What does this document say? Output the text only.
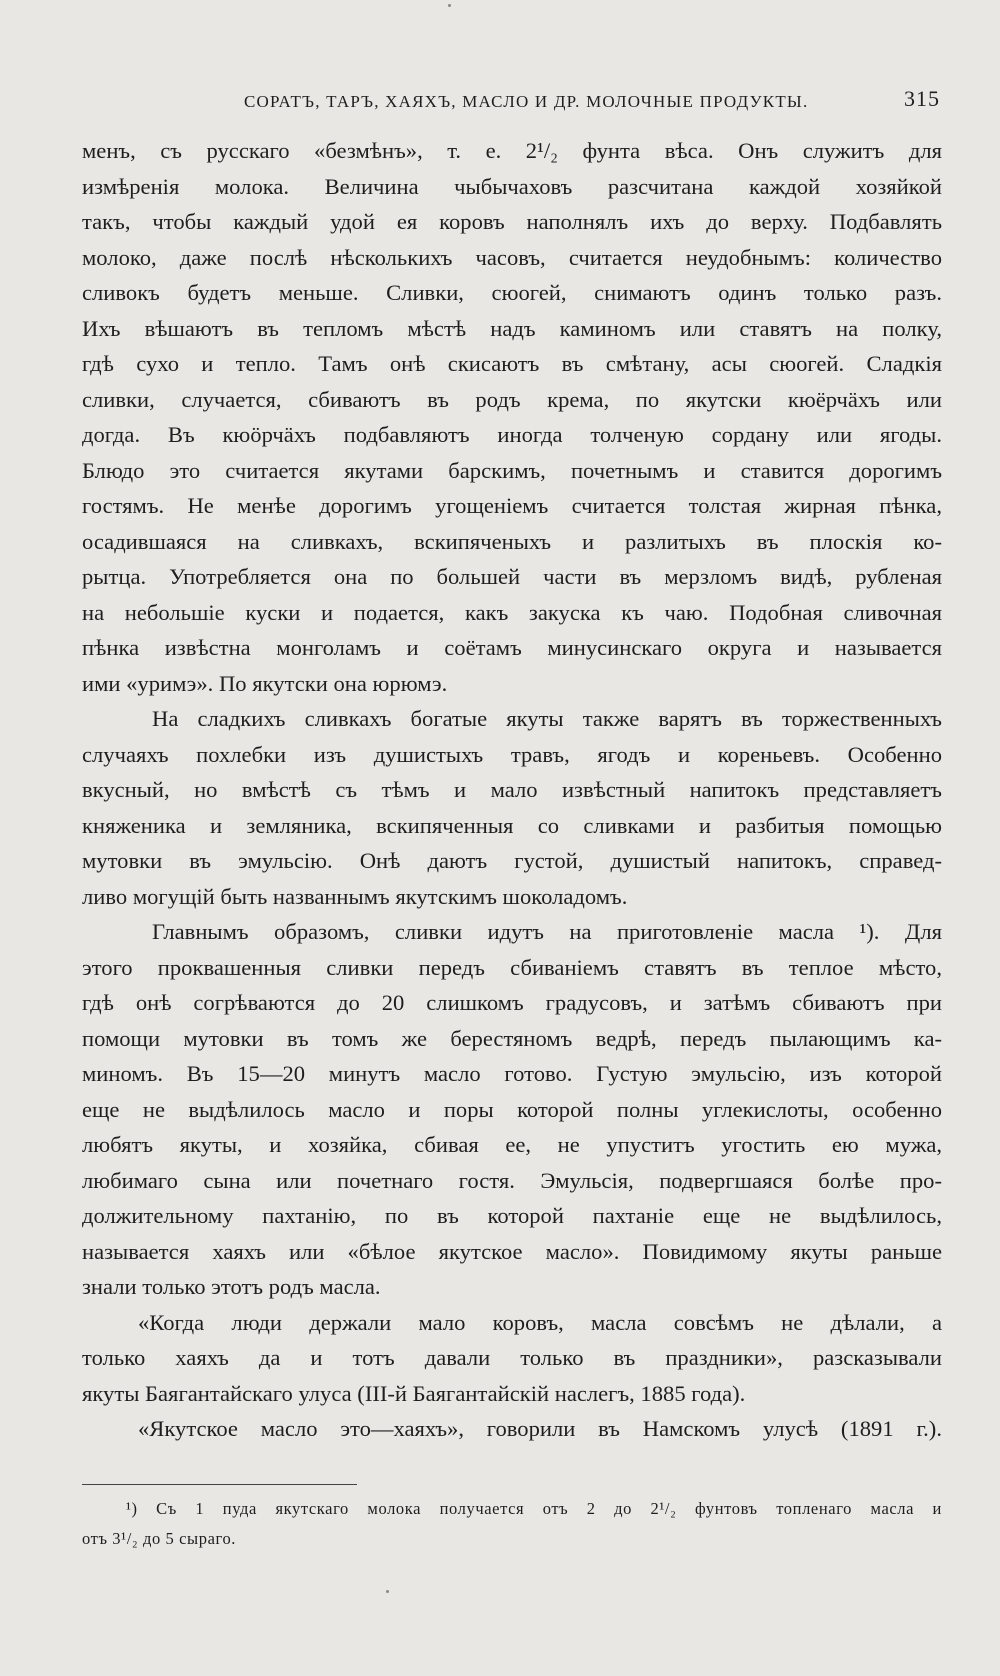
СОРАТЪ, ТАРЪ, ХАЯХЪ, МАСЛО И ДР. МОЛОЧНЫЕ ПРОДУКТЫ.	315
менъ, съ русскаго «безмѣнъ», т. е. 2¹/₂ фунта вѣса. Онъ служитъ для
измѣренія молока. Величина чыбычаховъ разсчитана каждой хозяйкой
такъ, чтобы каждый удой ея коровъ наполнялъ ихъ до верху. Подбавлять
молоко, даже послѣ нѣсколькихъ часовъ, считается неудобнымъ: количество
сливокъ будетъ меньше. Сливки, сюогей, снимаютъ одинъ только разъ.
Ихъ вѣшаютъ въ тепломъ мѣстѣ надъ каминомъ или ставятъ на полку,
гдѣ сухо и тепло. Тамъ онѣ скисаютъ въ смѣтану, асы сюогей. Сладкія
сливки, случается, сбиваютъ въ родъ крема, по якутски кюёрчäхъ или
догда. Въ кюöрчäхъ подбавляютъ иногда толченую сордану или ягоды.
Блюдо это считается якутами барскимъ, почетнымъ и ставится дорогимъ
гостямъ. Не менѣе дорогимъ угощеніемъ считается толстая жирная пѣнка,
осадившаяся на сливкахъ, вскипяченыхъ и разлитыхъ въ плоскія ко-
рытца. Употребляется она по большей части въ мерзломъ видѣ, рубленая
на небольшіе куски и подается, какъ закуска къ чаю. Подобная сливочная
пѣнка извѣстна монголамъ и соётамъ минусинскаго округа и называется
ими «уримэ». По якутски она юрюмэ.
На сладкихъ сливкахъ богатые якуты также варятъ въ торжественныхъ
случаяхъ похлебки изъ душистыхъ травъ, ягодъ и кореньевъ. Особенно
вкусный, но вмѣстѣ съ тѣмъ и мало извѣстный напитокъ представляетъ
княженика и земляника, вскипяченныя со сливками и разбитыя помощью
мутовки въ эмульсію. Онѣ даютъ густой, душистый напитокъ, справед-
ливо могущій быть названнымъ якутскимъ шоколадомъ.
Главнымъ образомъ, сливки идутъ на приготовленіе масла ¹). Для
этого проквашенныя сливки передъ сбиваніемъ ставятъ въ теплое мѣсто,
гдѣ онѣ согрѣваются до 20 слишкомъ градусовъ, и затѣмъ сбиваютъ при
помощи мутовки въ томъ же берестяномъ ведрѣ, передъ пылающимъ ка-
миномъ. Въ 15—20 минутъ масло готово. Густую эмульсію, изъ которой
еще не выдѣлилось масло и поры которой полны углекислоты, особенно
любятъ якуты, и хозяйка, сбивая ее, не упуститъ угостить ею мужа,
любимаго сына или почетнаго гостя. Эмульсія, подвергшаяся болѣе про-
должительному пахтанію, по въ которой пахтаніе еще не выдѣлилось,
называется хаяхъ или «бѣлое якутское масло». Повидимому якуты раньше
знали только этотъ родъ масла.
«Когда люди держали мало коровъ, масла совсѣмъ не дѣлали, а
только хаяхъ да и тотъ давали только въ праздники», разсказывали
якуты Баягантайскаго улуса (III-й Баягантайскій наслегъ, 1885 года).
«Якутское масло это—хаяхъ», говорили въ Намскомъ улусѣ (1891 г.).
¹) Съ 1 пуда якутскаго молока получается отъ 2 до 2¹/₂ фунтовъ топленаго масла и
отъ 3¹/₂ до 5 сыраго.
